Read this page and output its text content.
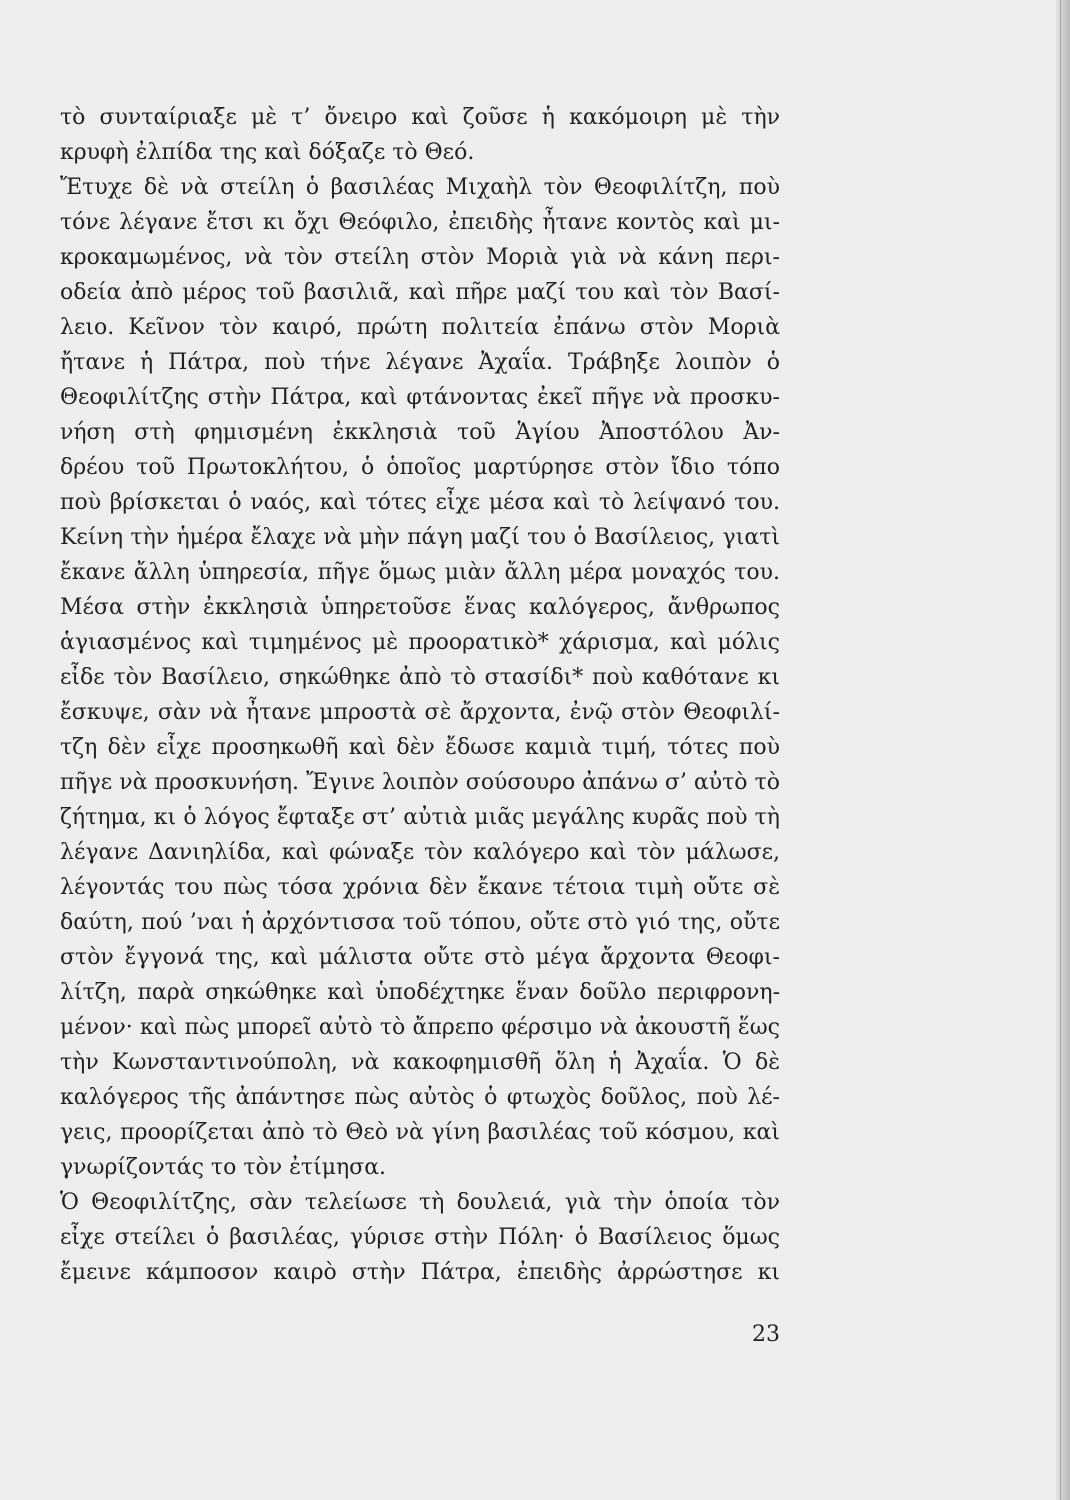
τὸ συνταίριαξε μὲ τ’ ὄνειρο καὶ ζοῦσε ἡ κακόμοιρη μὲ τὴν
κρυφὴ ἐλπίδα της καὶ δόξαζε τὸ Θεό.
Ἔτυχε δὲ νὰ στείλη ὁ βασιλέας Μιχαὴλ τὸν Θεοφιλίτζη, ποὺ
τόνε λέγανε ἔτσι κι ὄχι Θεόφιλο, ἐπειδὴς ἦτανε κοντὸς καὶ μι-
κροκαμωμένος, νὰ τὸν στείλη στὸν Μοριὰ γιὰ νὰ κάνη περι-
οδεία ἀπὸ μέρος τοῦ βασιλιᾶ, καὶ πῆρε μαζί του καὶ τὸν Βασί-
λειο. Κεῖνον τὸν καιρό, πρώτη πολιτεία ἐπάνω στὸν Μοριὰ
ἤτανε ἡ Πάτρα, ποὺ τήνε λέγανε Ἀχαΐα. Τράβηξε λοιπὸν ὁ
Θεοφιλίτζης στὴν Πάτρα, καὶ φτάνοντας ἐκεῖ πῆγε νὰ προσκυ-
νήση στὴ φημισμένη ἐκκλησιὰ τοῦ Ἁγίου Ἀποστόλου Ἀν-
δρέου τοῦ Πρωτοκλήτου, ὁ ὁποῖος μαρτύρησε στὸν ἴδιο τόπο
ποὺ βρίσκεται ὁ ναός, καὶ τότες εἶχε μέσα καὶ τὸ λείψανό του.
Κείνη τὴν ἡμέρα ἔλαχε νὰ μὴν πάγη μαζί του ὁ Βασίλειος, γιατὶ
ἔκανε ἄλλη ὑπηρεσία, πῆγε ὅμως μιὰν ἄλλη μέρα μοναχός του.
Μέσα στὴν ἐκκλησιὰ ὑπηρετοῦσε ἕνας καλόγερος, ἄνθρωπος
ἁγιασμένος καὶ τιμημένος μὲ προορατικὸ* χάρισμα, καὶ μόλις
εἶδε τὸν Βασίλειο, σηκώθηκε ἀπὸ τὸ στασίδι* ποὺ καθότανε κι
ἔσκυψε, σὰν νὰ ἦτανε μπροστὰ σὲ ἄρχοντα, ἐνῷ στὸν Θεοφιλί-
τζη δὲν εἶχε προσηκωθῆ καὶ δὲν ἔδωσε καμιὰ τιμή, τότες ποὺ
πῆγε νὰ προσκυνήση. Ἔγινε λοιπὸν σούσουρο ἀπάνω σ’ αὐτὸ τὸ
ζήτημα, κι ὁ λόγος ἔφταξε στ’ αὐτιὰ μιᾶς μεγάλης κυρᾶς ποὺ τὴ
λέγανε Δανιηλίδα, καὶ φώναξε τὸν καλόγερο καὶ τὸν μάλωσε,
λέγοντάς του πὼς τόσα χρόνια δὲν ἔκανε τέτοια τιμὴ οὔτε σὲ
δαύτη, πού ’ναι ἡ ἀρχόντισσα τοῦ τόπου, οὔτε στὸ γιό της, οὔτε
στὸν ἔγγονά της, καὶ μάλιστα οὔτε στὸ μέγα ἄρχοντα Θεοφι-
λίτζη, παρὰ σηκώθηκε καὶ ὑποδέχτηκε ἕναν δοῦλο περιφρονη-
μένον· καὶ πὼς μπορεῖ αὐτὸ τὸ ἄπρεπο φέρσιμο νὰ ἀκουστῆ ἕως
τὴν Κωνσταντινούπολη, νὰ κακοφημισθῆ ὅλη ἡ Ἀχαΐα. Ὁ δὲ
καλόγερος τῆς ἀπάντησε πὼς αὐτὸς ὁ φτωχὸς δοῦλος, ποὺ λέ-
γεις, προορίζεται ἀπὸ τὸ Θεὸ νὰ γίνη βασιλέας τοῦ κόσμου, καὶ
γνωρίζοντάς το τὸν ἐτίμησα.
Ὁ Θεοφιλίτζης, σὰν τελείωσε τὴ δουλειά, γιὰ τὴν ὁποία τὸν
εἶχε στείλει ὁ βασιλέας, γύρισε στὴν Πόλη· ὁ Βασίλειος ὅμως
ἔμεινε κάμποσον καιρὸ στὴν Πάτρα, ἐπειδὴς ἀρρώστησε κι
23
